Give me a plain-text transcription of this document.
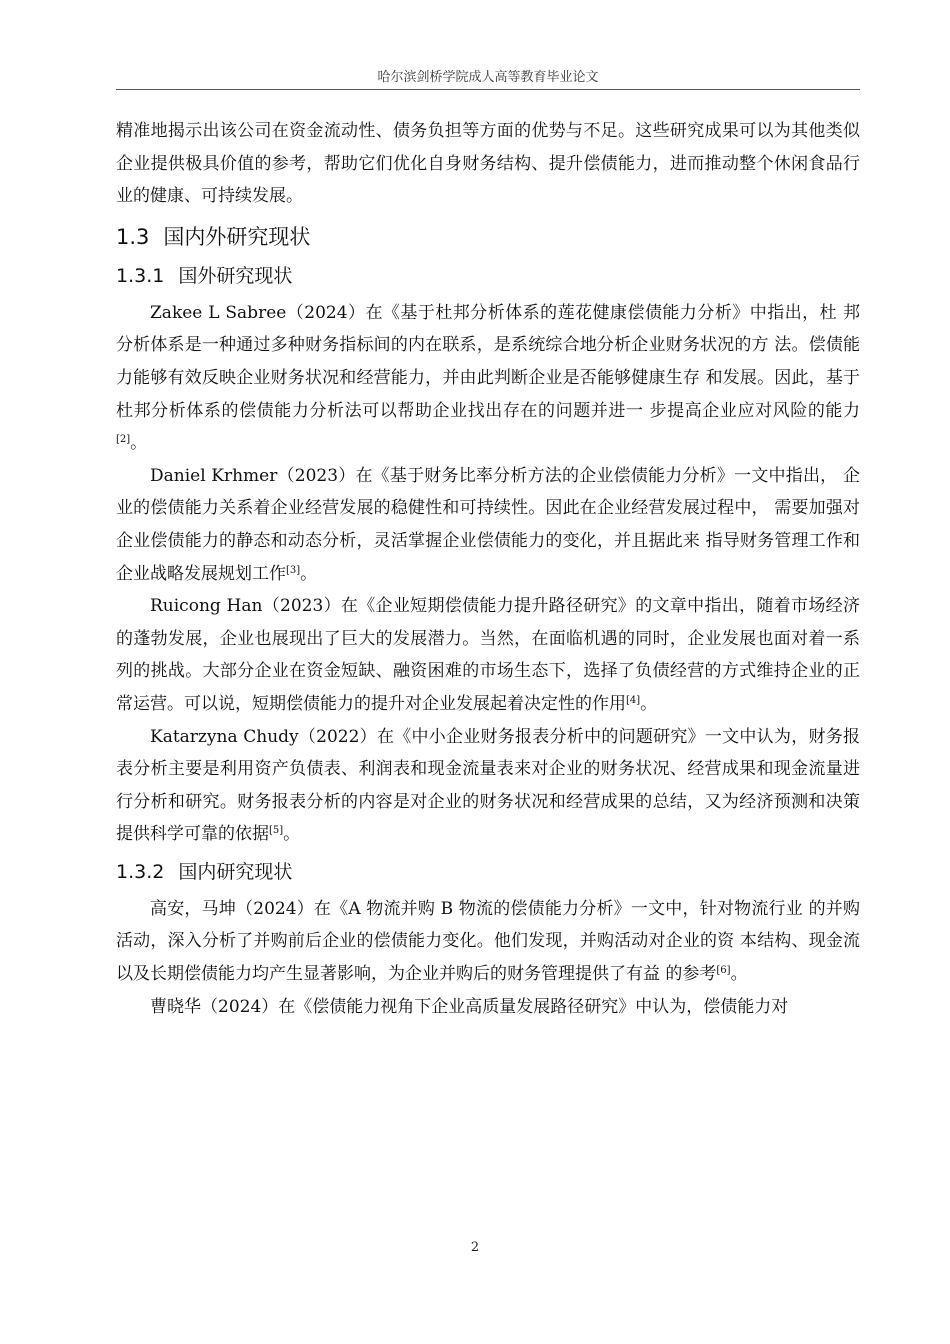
哈尔滨剑桥学院成人高等教育毕业论文

精准地揭示出该公司在资金流动性、债务负担等方面的优势与不足。这些研究成果可以为其他类似企业提供极具价值的参考，帮助它们优化自身财务结构、提升偿债能力，进而推动整个休闲食品行业的健康、可持续发展。

1.3 国内外研究现状
1.3.1 国外研究现状

Zakee L Sabree（2024）在《基于杜邦分析体系的莲花健康偿债能力分析》中指出，杜 邦分析体系是一种通过多种财务指标间的内在联系，是系统综合地分析企业财务状况的方 法。偿债能力能够有效反映企业财务状况和经营能力，并由此判断企业是否能够健康生存 和发展。因此，基于杜邦分析体系的偿债能力分析法可以帮助企业找出存在的问题并进一 步提高企业应对风险的能力[2]。

Daniel Krhmer（2023）在《基于财务比率分析方法的企业偿债能力分析》一文中指出， 企业的偿债能力关系着企业经营发展的稳健性和可持续性。因此在企业经营发展过程中， 需要加强对企业偿债能力的静态和动态分析，灵活掌握企业偿债能力的变化，并且据此来 指导财务管理工作和企业战略发展规划工作[3]。

Ruicong Han（2023）在《企业短期偿债能力提升路径研究》的文章中指出，随着市场经济的蓬勃发展，企业也展现出了巨大的发展潜力。当然，在面临机遇的同时，企业发展也面对着一系列的挑战。大部分企业在资金短缺、融资困难的市场生态下，选择了负债经营的方式维持企业的正常运营。可以说，短期偿债能力的提升对企业发展起着决定性的作用[4]。

Katarzyna Chudy（2022）在《中小企业财务报表分析中的问题研究》一文中认为，财务报表分析主要是利用资产负债表、利润表和现金流量表来对企业的财务状况、经营成果和现金流量进行分析和研究。财务报表分析的内容是对企业的财务状况和经营成果的总结，又为经济预测和决策提供科学可靠的依据[5]。

1.3.2 国内研究现状

高安，马坤（2024）在《A 物流并购 B 物流的偿债能力分析》一文中，针对物流行业 的并购活动，深入分析了并购前后企业的偿债能力变化。他们发现，并购活动对企业的资 本结构、现金流以及长期偿债能力均产生显著影响，为企业并购后的财务管理提供了有益 的参考[6]。

曹晓华（2024）在《偿债能力视角下企业高质量发展路径研究》中认为，偿债能力对

2
